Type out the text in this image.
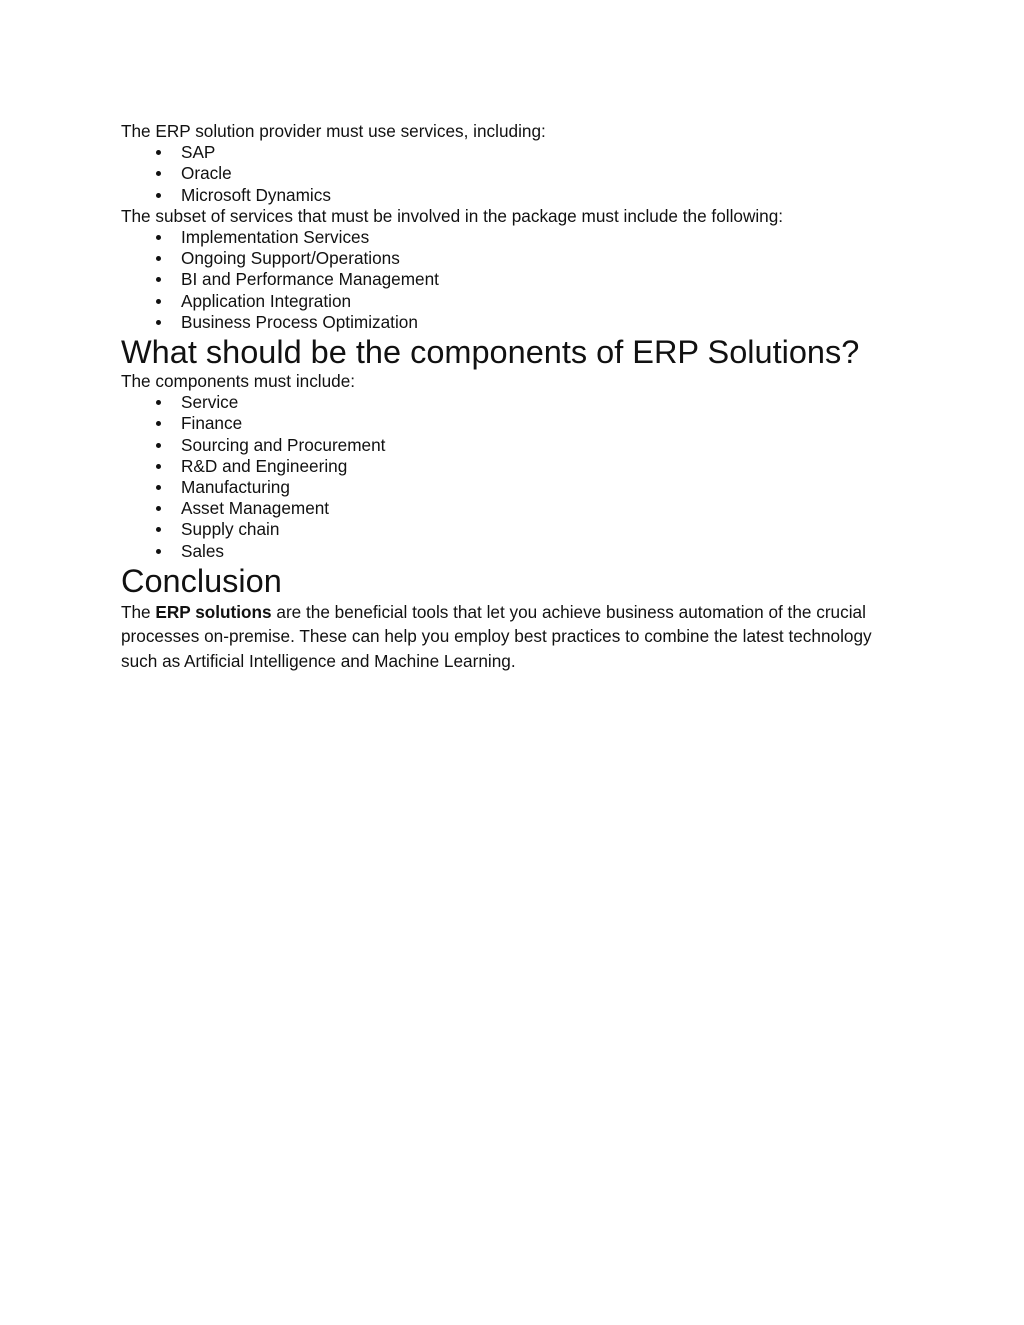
The ERP solution provider must use services, including:

SAP
Oracle
Microsoft Dynamics

The subset of services that must be involved in the package must include the following:

Implementation Services
Ongoing Support/Operations
BI and Performance Management
Application Integration
Business Process Optimization
What should be the components of ERP Solutions?

The components must include:

Service
Finance
Sourcing and Procurement
R&D and Engineering
Manufacturing
Asset Management
Supply chain
Sales
Conclusion

The ERP solutions are the beneficial tools that let you achieve business automation of the crucial processes on-premise. These can help you employ best practices to combine the latest technology such as Artificial Intelligence and Machine Learning.
